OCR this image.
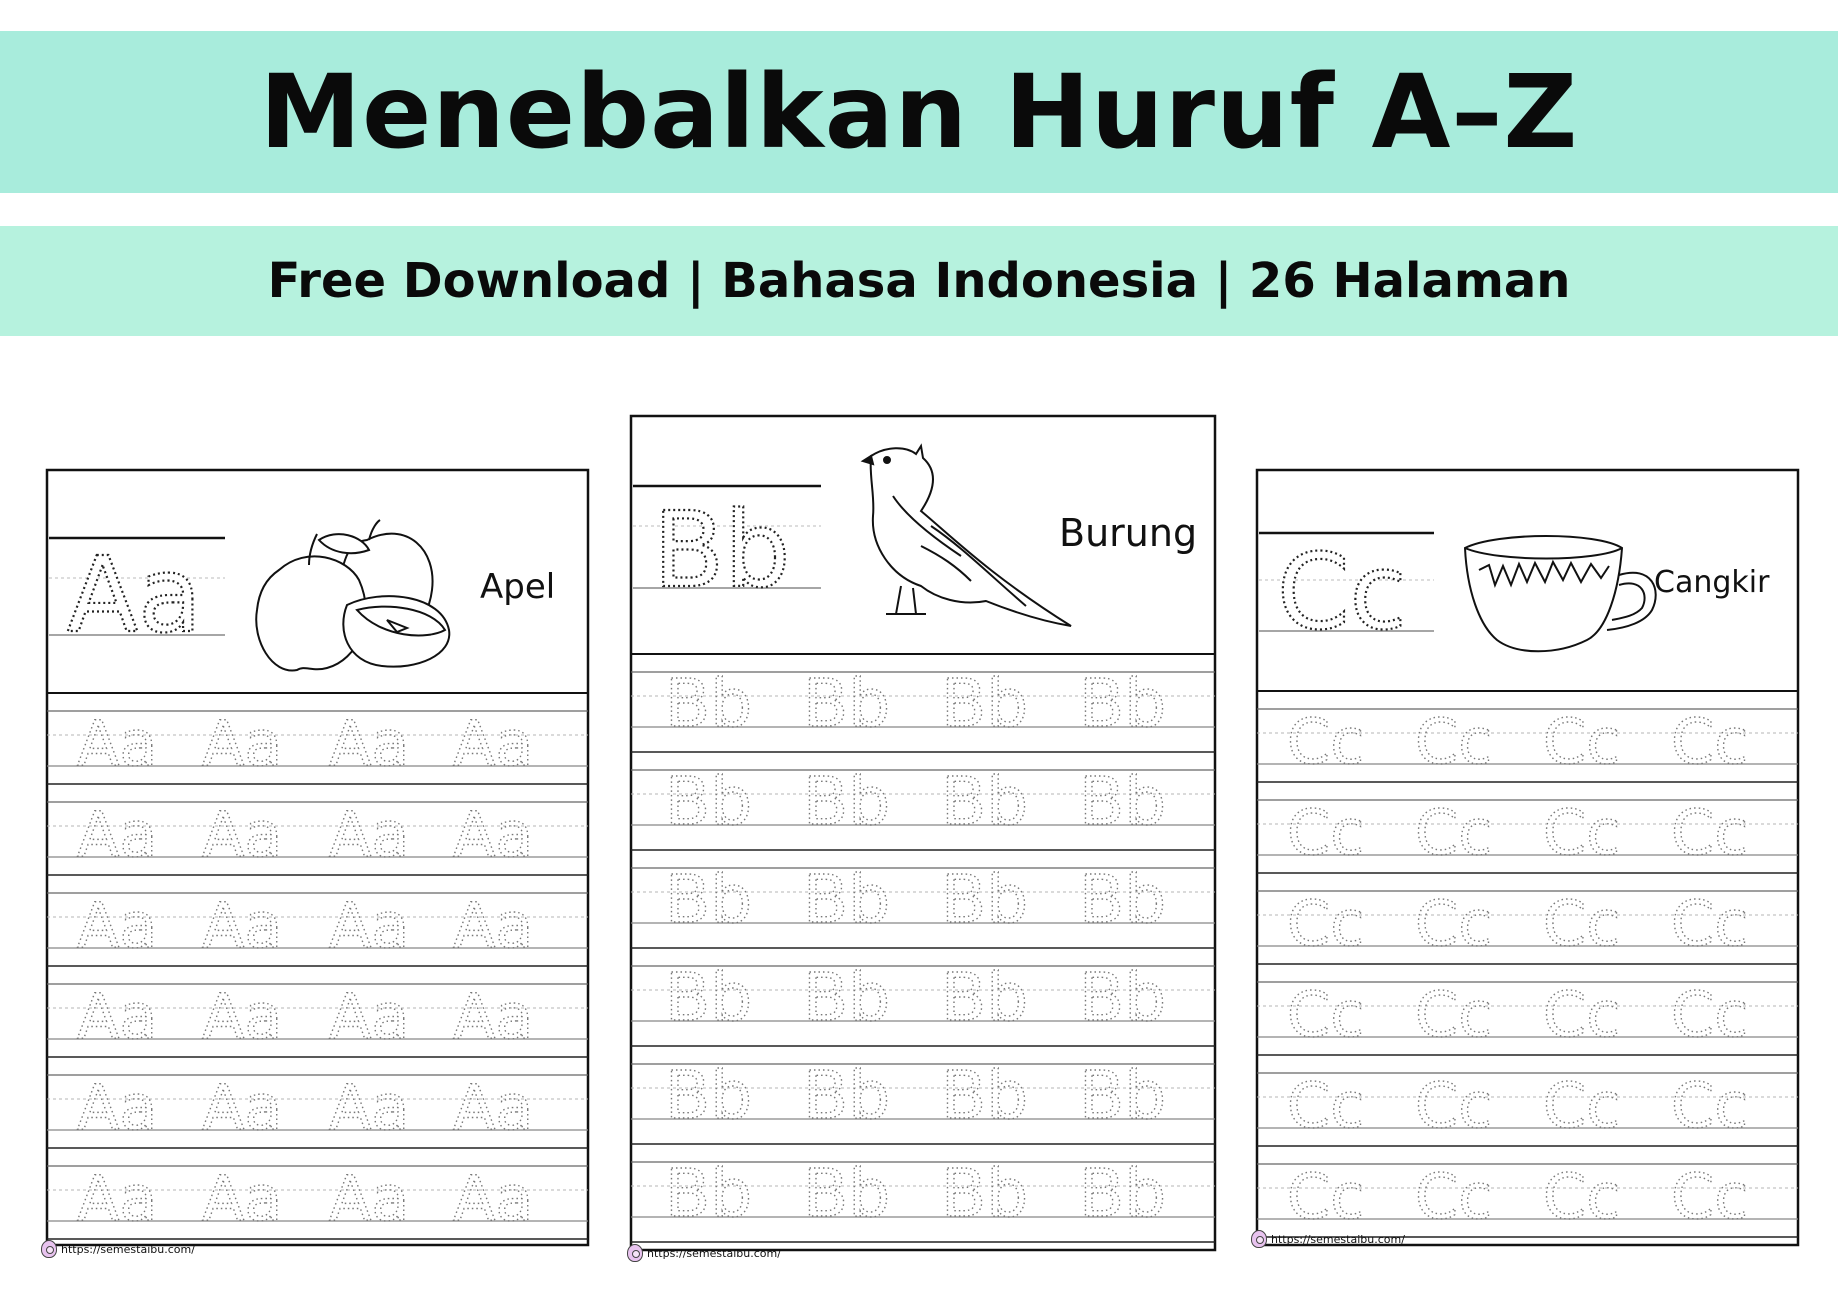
Menebalkan Huruf A–Z
Free Download | Bahasa Indonesia | 26 Halaman
Aa	Apel
Aa Aa Aa Aa
Aa Aa Aa Aa
Aa Aa Aa Aa
Aa Aa Aa Aa
Aa Aa Aa Aa
Aa Aa Aa Aa
https://semestaibu.com/
Bb	Burung
Bb Bb Bb Bb
Bb Bb Bb Bb
Bb Bb Bb Bb
Bb Bb Bb Bb
Bb Bb Bb Bb
Bb Bb Bb Bb
https://semestaibu.com/
Cc	Cangkir
Cc Cc Cc Cc
Cc Cc Cc Cc
Cc Cc Cc Cc
Cc Cc Cc Cc
Cc Cc Cc Cc
Cc Cc Cc Cc
https://semestaibu.com/
